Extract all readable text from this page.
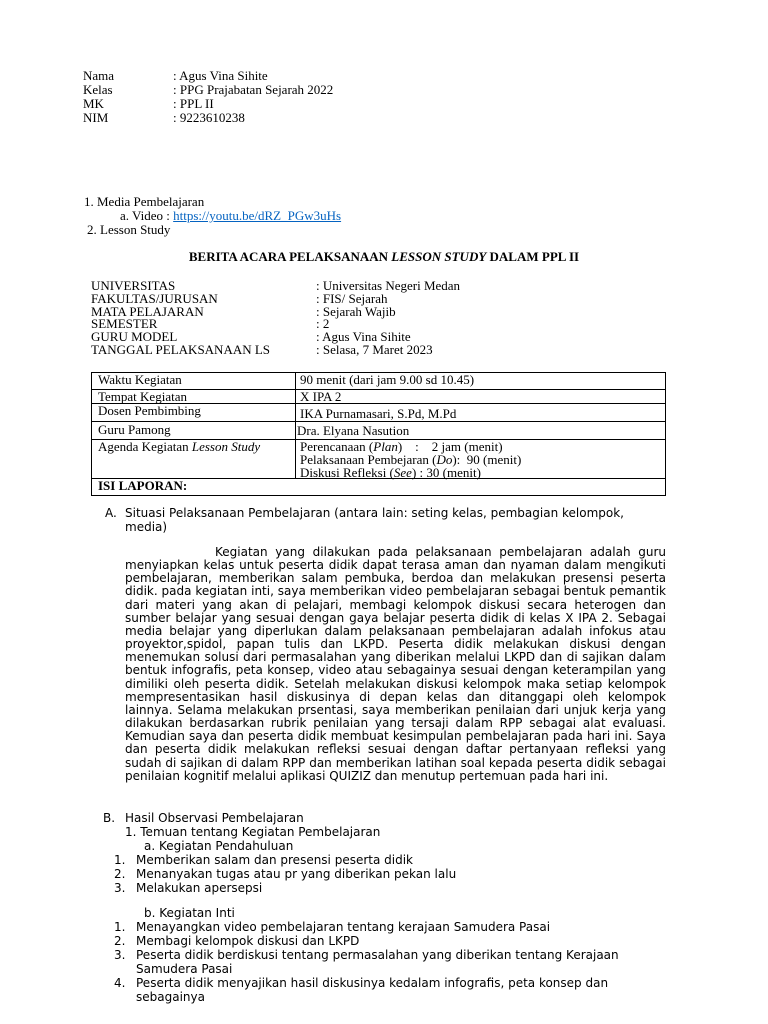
Nama	: Agus Vina Sihite
Kelas	: PPG Prajabatan Sejarah 2022
MK	: PPL II
NIM	: 9223610238
1. Media Pembelajaran
a. Video : https://youtu.be/dRZ_PGw3uHs
2. Lesson Study
BERITA ACARA PELAKSANAAN LESSON STUDY DALAM PPL II
UNIVERSITAS	: Universitas Negeri Medan
FAKULTAS/JURUSAN	: FIS/ Sejarah
MATA PELAJARAN	: Sejarah Wajib
SEMESTER	: 2
GURU MODEL	: Agus Vina Sihite
TANGGAL PELAKSANAAN LS	: Selasa, 7 Maret 2023
Waktu Kegiatan	90 menit (dari jam 9.00 sd 10.45)
Tempat Kegiatan	X IPA 2
Dosen Pembimbing	IKA Purnamasari, S.Pd, M.Pd
Guru Pamong	Dra. Elyana Nasution
Agenda Kegiatan Lesson Study	Perencanaan (Plan)    :    2 jam (menit)
Pelaksanaan Pembejaran (Do):  90 (menit)
Diskusi Refleksi (See) : 30 (menit)
ISI LAPORAN:
A. Situasi Pelaksanaan Pembelajaran (antara lain: seting kelas, pembagian kelompok,
media)
Kegiatan yang dilakukan pada pelaksanaan pembelajaran adalah guru menyiapkan kelas untuk peserta didik dapat terasa aman dan nyaman dalam mengikuti pembelajaran, memberikan salam pembuka, berdoa dan melakukan presensi peserta didik. pada kegiatan inti, saya memberikan video pembelajaran sebagai bentuk pemantik dari materi yang akan di pelajari, membagi kelompok diskusi secara heterogen dan sumber belajar yang sesuai dengan gaya belajar peserta didik di kelas X IPA 2. Sebagai media belajar yang diperlukan dalam pelaksanaan pembelajaran adalah infokus atau proyektor,spidol, papan tulis dan LKPD. Peserta didik melakukan diskusi dengan menemukan solusi dari permasalahan yang diberikan melalui LKPD dan di sajikan dalam bentuk infografis, peta konsep, video atau sebagainya sesuai dengan keterampilan yang dimiliki oleh peserta didik. Setelah melakukan diskusi kelompok maka setiap kelompok mempresentasikan hasil diskusinya di depan kelas dan ditanggapi oleh kelompok lainnya. Selama melakukan prsentasi, saya memberikan penilaian dari unjuk kerja yang dilakukan berdasarkan rubrik penilaian yang tersaji dalam RPP sebagai alat evaluasi. Kemudian saya dan peserta didik membuat kesimpulan pembelajaran pada hari ini. Saya dan peserta didik melakukan refleksi sesuai dengan daftar pertanyaan refleksi yang sudah di sajikan di dalam RPP dan memberikan latihan soal kepada peserta didik sebagai penilaian kognitif melalui aplikasi QUIZIZ dan menutup pertemuan pada hari ini.
B. Hasil Observasi Pembelajaran
1. Temuan tentang Kegiatan Pembelajaran
a. Kegiatan Pendahuluan
1. Memberikan salam dan presensi peserta didik
2. Menanyakan tugas atau pr yang diberikan pekan lalu
3. Melakukan apersepsi
b. Kegiatan Inti
1. Menayangkan video pembelajaran tentang kerajaan Samudera Pasai
2. Membagi kelompok diskusi dan LKPD
3. Peserta didik berdiskusi tentang permasalahan yang diberikan tentang Kerajaan
Samudera Pasai
4. Peserta didik menyajikan hasil diskusinya kedalam infografis, peta konsep dan
sebagainya
